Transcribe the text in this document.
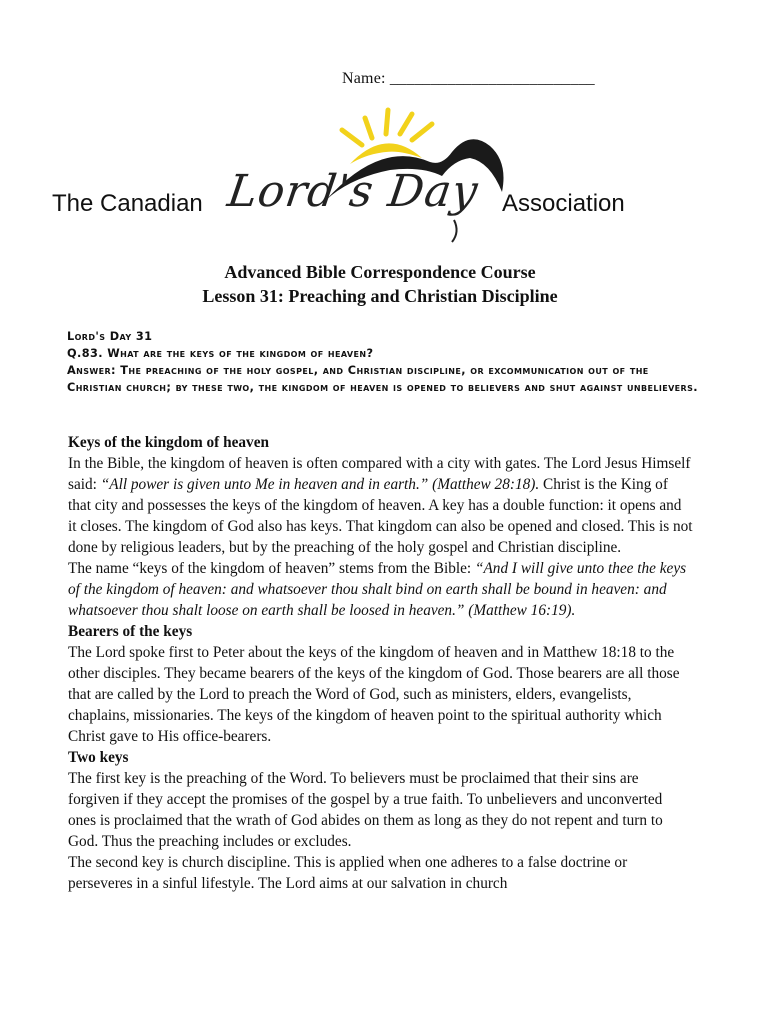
Name: _________________________
The Canadian Lord's Day Association
Advanced Bible Correspondence Course
Lesson 31: Preaching and Christian Discipline
Lord's Day 31
Q.83. What are the keys of the kingdom of heaven?
Answer: The preaching of the holy gospel, and Christian discipline, or excommunication out of the Christian church; by these two, the kingdom of heaven is opened to believers and shut against unbelievers.
Keys of the kingdom of heaven

In the Bible, the kingdom of heaven is often compared with a city with gates. The Lord Jesus Himself said: “All power is given unto Me in heaven and in earth.” (Matthew 28:18). Christ is the King of that city and possesses the keys of the kingdom of heaven. A key has a double function: it opens and it closes. The kingdom of God also has keys. That kingdom can also be opened and closed. This is not done by religious leaders, but by the preaching of the holy gospel and Christian discipline.

The name “keys of the kingdom of heaven” stems from the Bible: “And I will give unto thee the keys of the kingdom of heaven: and whatsoever thou shalt bind on earth shall be bound in heaven: and whatsoever thou shalt loose on earth shall be loosed in heaven.” (Matthew 16:19).

Bearers of the keys

The Lord spoke first to Peter about the keys of the kingdom of heaven and in Matthew 18:18 to the other disciples. They became bearers of the keys of the kingdom of God. Those bearers are all those that are called by the Lord to preach the Word of God, such as ministers, elders, evangelists, chaplains, missionaries. The keys of the kingdom of heaven point to the spiritual authority which Christ gave to His office-bearers.

Two keys

The first key is the preaching of the Word. To believers must be proclaimed that their sins are forgiven if they accept the promises of the gospel by a true faith. To unbelievers and unconverted ones is proclaimed that the wrath of God abides on them as long as they do not repent and turn to God. Thus the preaching includes or excludes.

The second key is church discipline. This is applied when one adheres to a false doctrine or perseveres in a sinful lifestyle. The Lord aims at our salvation in church
